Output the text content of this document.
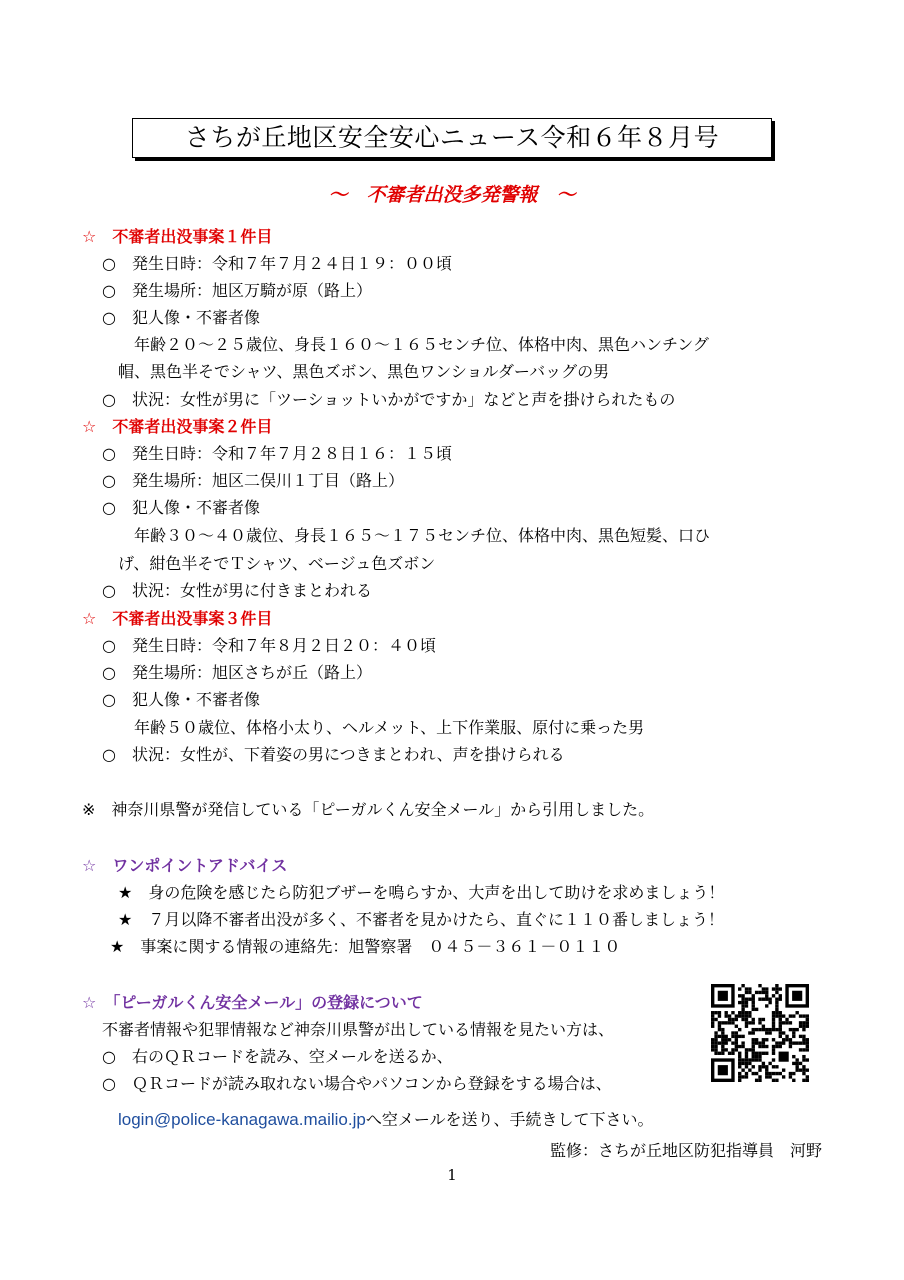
さちが丘地区安全安心ニュース令和６年８月号
～　不審者出没多発警報　～
☆　不審者出没事案１件目
○　発生日時：令和７年７月２４日１９：００頃
○　発生場所：旭区万騎が原（路上）
○　犯人像・不審者像
年齢２０～２５歳位、身長１６０～１６５センチ位、体格中肉、黒色ハンチング
帽、黒色半そでシャツ、黒色ズボン、黒色ワンショルダーバッグの男
○　状況：女性が男に「ツーショットいかがですか」などと声を掛けられたもの
☆　不審者出没事案２件目
○　発生日時：令和７年７月２８日１６：１５頃
○　発生場所：旭区二俣川１丁目（路上）
○　犯人像・不審者像
年齢３０～４０歳位、身長１６５～１７５センチ位、体格中肉、黒色短髪、口ひ
げ、紺色半そでＴシャツ、ベージュ色ズボン
○　状況：女性が男に付きまとわれる
☆　不審者出没事案３件目
○　発生日時：令和７年８月２日２０：４０頃
○　発生場所：旭区さちが丘（路上）
○　犯人像・不審者像
年齢５０歳位、体格小太り、ヘルメット、上下作業服、原付に乗った男
○　状況：女性が、下着姿の男につきまとわれ、声を掛けられる
※　神奈川県警が発信している「ピーガルくん安全メール」から引用しました。
☆　ワンポイントアドバイス
★　身の危険を感じたら防犯ブザーを鳴らすか、大声を出して助けを求めましょう！
★　７月以降不審者出没が多く、不審者を見かけたら、直ぐに１１０番しましょう！
★　事案に関する情報の連絡先：旭警察署　０４５－３６１－０１１０
☆　「ピーガルくん安全メール」の登録について
不審者情報や犯罪情報など神奈川県警が出している情報を見たい方は、
○　右のＱＲコードを読み、空メールを送るか、
○　ＱＲコードが読み取れない場合やパソコンから登録をする場合は、
login@police-kanagawa.mailio.jpへ空メールを送り、手続きして下さい。
監修：さちが丘地区防犯指導員　河野
1
